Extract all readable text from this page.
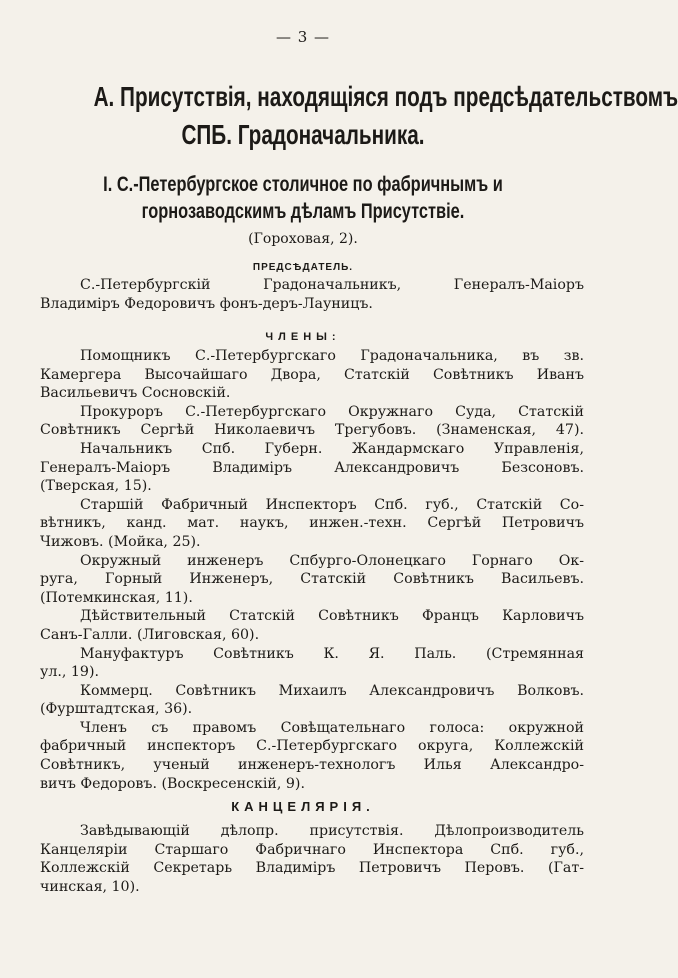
— 3 —
А. Присутствія, находящіяся подъ предсѣдательствомъ
СПБ. Градоначальника.
I. С.-Петербургское столичное по фабричнымъ и
горнозаводскимъ дѣламъ Присутствіе.
(Гороховая, 2).
ПРЕДСѢДАТЕЛЬ.
С.-Петербургскій Градоначальникъ, Генералъ-Маіоръ
Владиміръ Федоровичъ фонъ-деръ-Лауницъ.
ЧЛЕНЫ:
Помощникъ С.-Петербургскаго Градоначальника, въ зв.
Камергера Высочайшаго Двора, Статскій Совѣтникъ Иванъ
Васильевичъ Сосновскій.
Прокуроръ С.-Петербургскаго Окружнаго Суда, Статскій
Совѣтникъ Сергѣй Николаевичъ Трегубовъ. (Знаменская, 47).
Начальникъ Спб. Губерн. Жандармскаго Управленія,
Генералъ-Маіоръ Владиміръ Александровичъ Безсоновъ.
(Тверская, 15).
Старшій Фабричный Инспекторъ Спб. губ., Статскій Со-
вѣтникъ, канд. мат. наукъ, инжен.-техн. Сергѣй Петровичъ
Чижовъ. (Мойка, 25).
Окружный инженеръ Спбурго-Олонецкаго Горнаго Ок-
руга, Горный Инженеръ, Статскій Совѣтникъ Васильевъ.
(Потемкинская, 11).
Дѣйствительный Статскій Совѣтникъ Францъ Карловичъ
Санъ-Галли. (Лиговская, 60).
Мануфактуръ Совѣтникъ К. Я. Паль. (Стремянная
ул., 19).
Коммерц. Совѣтникъ Михаилъ Александровичъ Волковъ.
(Фурштадтская, 36).
Членъ съ правомъ Совѣщательнаго голоса: окружной
фабричный инспекторъ С.-Петербургскаго округа, Коллежскій
Совѣтникъ, ученый инженеръ-технологъ Илья Александро-
вичъ Федоровъ. (Воскресенскій, 9).
КАНЦЕЛЯРІЯ.
Завѣдывающій дѣлопр. присутствія. Дѣлопроизводитель
Канцеляріи Старшаго Фабричнаго Инспектора Спб. губ.,
Коллежскій Секретарь Владиміръ Петровичъ Перовъ. (Гат-
чинская, 10).
